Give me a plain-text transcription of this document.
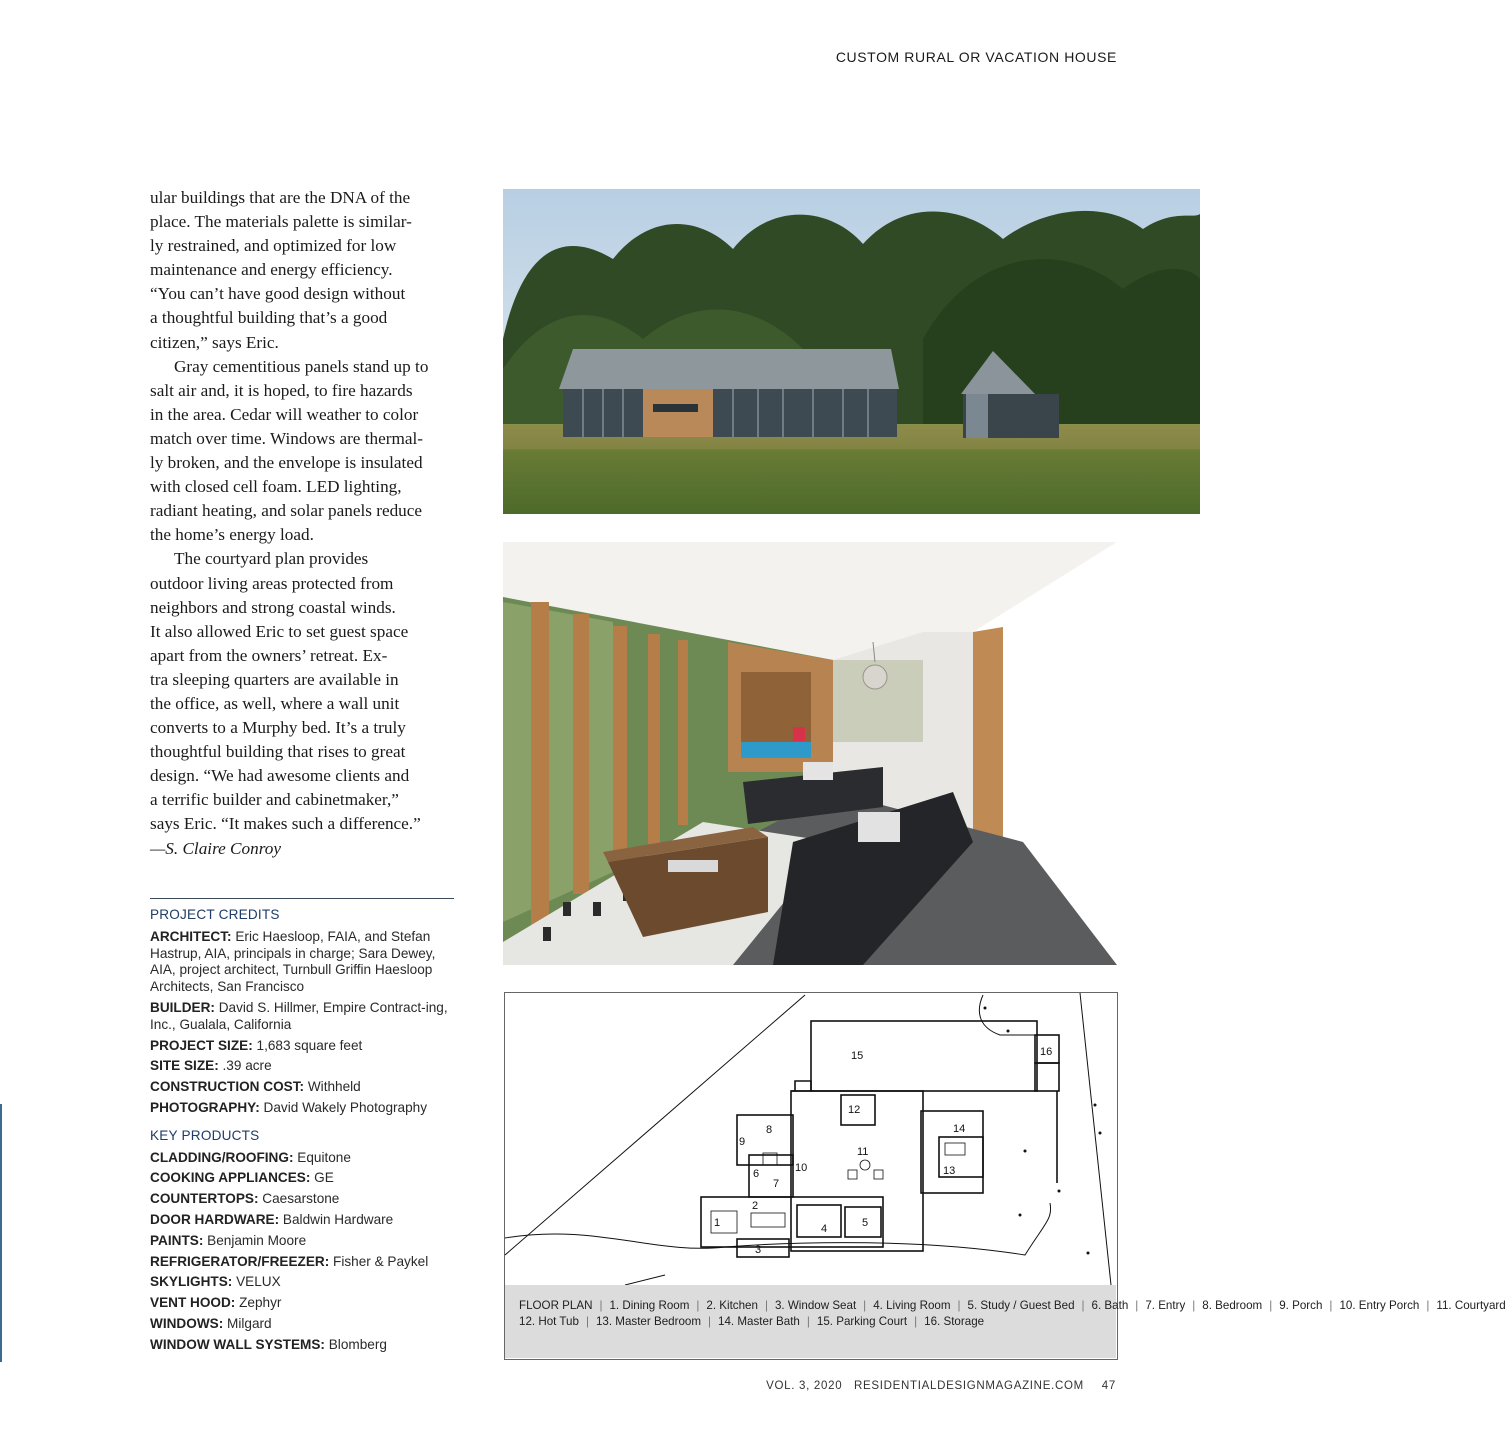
CUSTOM RURAL OR VACATION HOUSE
ular buildings that are the DNA of the
place. The materials palette is similar-
ly restrained, and optimized for low
maintenance and energy efficiency.
“You can’t have good design without
a thoughtful building that’s a good
citizen,” says Eric.
Gray cementitious panels stand up to
salt air and, it is hoped, to fire hazards
in the area. Cedar will weather to color
match over time. Windows are thermal-
ly broken, and the envelope is insulated
with closed cell foam. LED lighting,
radiant heating, and solar panels reduce
the home’s energy load.
The courtyard plan provides
outdoor living areas protected from
neighbors and strong coastal winds.
It also allowed Eric to set guest space
apart from the owners’ retreat. Ex-
tra sleeping quarters are available in
the office, as well, where a wall unit
converts to a Murphy bed. It’s a truly
thoughtful building that rises to great
design. “We had awesome clients and
a terrific builder and cabinetmaker,”
says Eric. “It makes such a difference.”
—S. Claire Conroy
PROJECT CREDITS
ARCHITECT: Eric Haesloop, FAIA, and Stefan Hastrup, AIA, principals in charge; Sara Dewey, AIA, project architect, Turnbull Griffin Haesloop Architects, San Francisco
BUILDER: David S. Hillmer, Empire Contract-ing, Inc., Gualala, California
PROJECT SIZE: 1,683 square feet
SITE SIZE: .39 acre
CONSTRUCTION COST: Withheld
PHOTOGRAPHY: David Wakely Photography
KEY PRODUCTS
CLADDING/ROOFING: Equitone
COOKING APPLIANCES: GE
COUNTERTOPS: Caesarstone
DOOR HARDWARE: Baldwin Hardware
PAINTS: Benjamin Moore
REFRIGERATOR/FREEZER: Fisher & Paykel
SKYLIGHTS: VELUX
VENT HOOD: Zephyr
WINDOWS: Milgard
WINDOW WALL SYSTEMS: Blomberg
1
2
3
4	5
6
7
8
9
10
11
12
13
14
15	16
FLOOR PLAN | 1. Dining Room | 2. Kitchen | 3. Window Seat | 4. Living Room | 5. Study / Guest Bed | 6. Bath | 7. Entry | 8. Bedroom | 9. Porch | 10. Entry Porch | 11. Courtyard
12. Hot Tub | 13. Master Bedroom | 14. Master Bath | 15. Parking Court | 16. Storage
VOL. 3, 2020 RESIDENTIALDESIGNMAGAZINE.COM 47
